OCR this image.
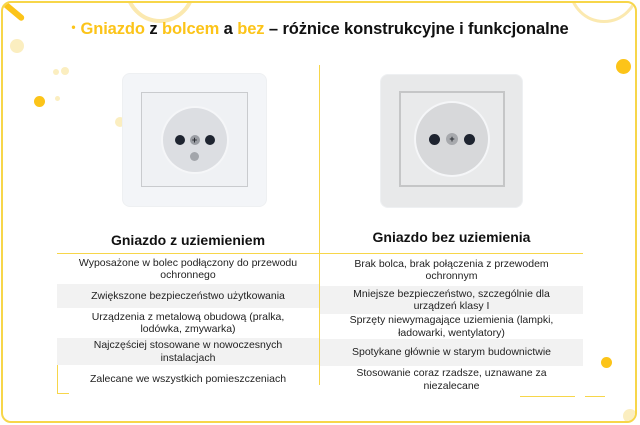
• Gniazdo z bolcem a bez – różnice konstrukcyjne i funkcjonalne
+	+
Gniazdo z uziemieniem	Gniazdo bez uziemienia
Wyposażone w bolec podłączony do przewodu ochronnego
Zwiększone bezpieczeństwo użytkowania
Urządzenia z metalową obudową (pralka, lodówka, zmywarka)
Najczęściej stosowane w nowoczesnych instalacjach
Zalecane we wszystkich pomieszczeniach
Brak bolca, brak połączenia z przewodem ochronnym
Mniejsze bezpieczeństwo, szczególnie dla urządzeń klasy I
Sprzęty niewymagające uziemienia (lampki, ładowarki, wentylatory)
Spotykane głównie w starym budownictwie
Stosowanie coraz rzadsze, uznawane za niezalecane
